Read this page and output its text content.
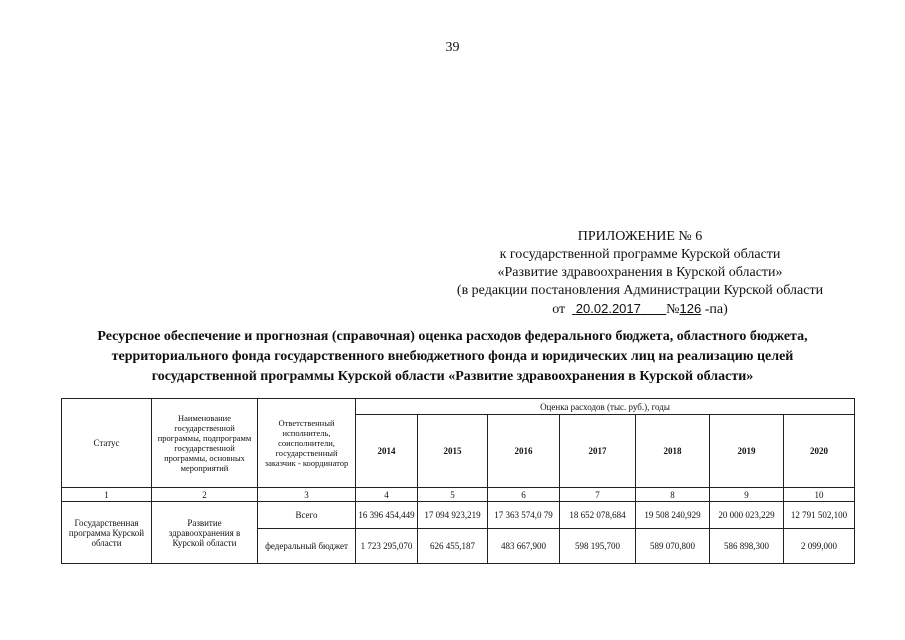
39
ПРИЛОЖЕНИЕ № 6
к государственной программе Курской области
«Развитие здравоохранения в Курской области»
(в редакции постановления Администрации Курской области
от 20.02.2017 №126 -па)
Ресурсное обеспечение и прогнозная (справочная) оценка расходов федерального бюджета, областного бюджета,
территориального фонда государственного внебюджетного фонда и юридических лиц на реализацию целей
государственной программы Курской области «Развитие здравоохранения в Курской области»
Статус	Наименование государственной программы, подпрограмм государственной программы, основных мероприятий	Ответственный исполнитель, соисполнители, государственный заказчик - координатор	Оценка расходов (тыс. руб.), годы						
			2014	2015	2016	2017	2018	2019	2020
1	2	3	4	5	6	7	8	9	10
Государственная программа Курской области	Развитие здравоохранения в Курской области	Всего	16 396 454,449	17 094 923,219	17 363 574,0 79	18 652 078,684	19 508 240,929	20 000 023,229	12 791 502,100
		федеральный бюджет	1 723 295,070	626 455,187	483 667,900	598 195,700	589 070,800	586 898,300	2 099,000
